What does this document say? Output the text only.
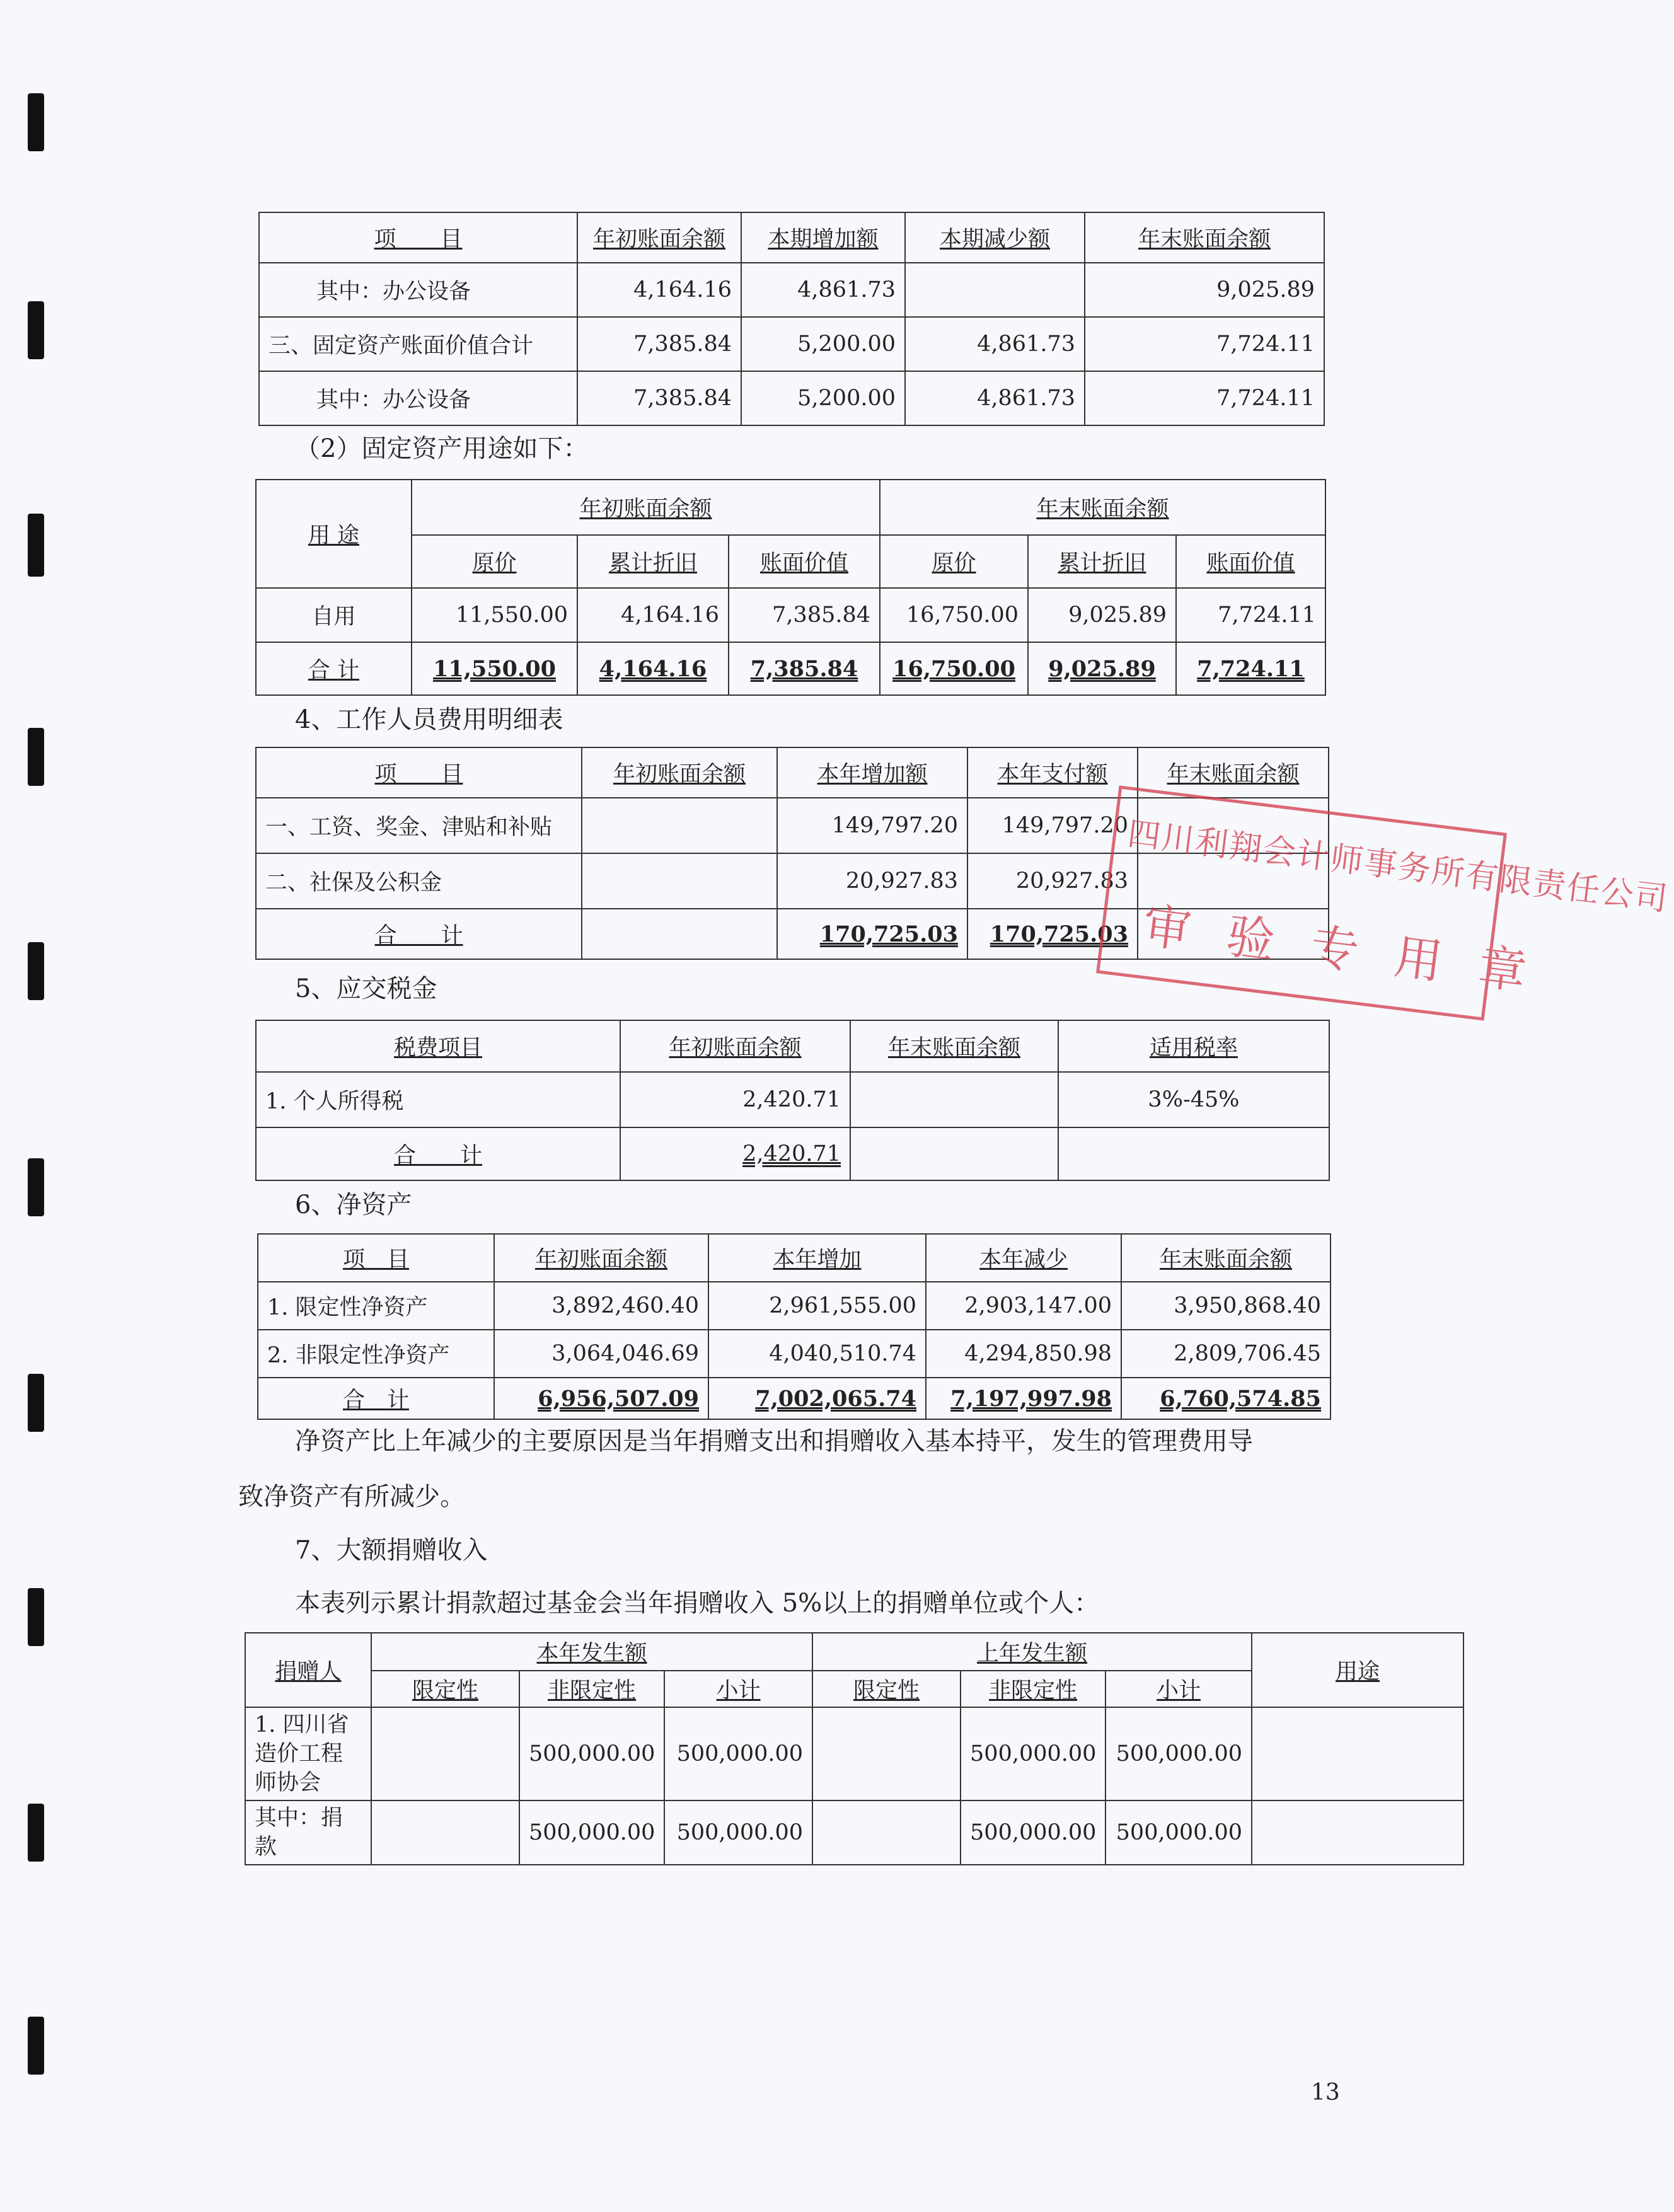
项　　目	年初账面余额	本期增加额	本期减少额	年末账面余额
其中：办公设备	4,164.16	4,861.73		9,025.89
三、固定资产账面价值合计	7,385.84	5,200.00	4,861.73	7,724.11
其中：办公设备	7,385.84	5,200.00	4,861.73	7,724.11
（2）固定资产用途如下：
用 途	年初账面余额			年末账面余额		
	原价	累计折旧	账面价值	原价	累计折旧	账面价值
自用	11,550.00	4,164.16	7,385.84	16,750.00	9,025.89	7,724.11
合 计	11,550.00	4,164.16	7,385.84	16,750.00	9,025.89	7,724.11
4、工作人员费用明细表
项　　目	年初账面余额	本年增加额	本年支付额	年末账面余额
一、工资、奖金、津贴和补贴		149,797.20	149,797.20	
二、社保及公积金		20,927.83	20,927.83	
合　　计		170,725.03	170,725.03	
5、应交税金
税费项目	年初账面余额	年末账面余额	适用税率
1. 个人所得税	2,420.71		3%-45%
合　　计	2,420.71		
6、净资产
项　目	年初账面余额	本年增加	本年减少	年末账面余额
1. 限定性净资产	3,892,460.40	2,961,555.00	2,903,147.00	3,950,868.40
2. 非限定性净资产	3,064,046.69	4,040,510.74	4,294,850.98	2,809,706.45
合　计	6,956,507.09	7,002,065.74	7,197,997.98	6,760,574.85
净资产比上年减少的主要原因是当年捐赠支出和捐赠收入基本持平，发生的管理费用导
致净资产有所减少。
7、大额捐赠收入
本表列示累计捐款超过基金会当年捐赠收入 5%以上的捐赠单位或个人：
捐赠人	本年发生额			上年发生额			用途
	限定性	非限定性	小计	限定性	非限定性	小计	
1. 四川省造价工程师协会		500,000.00	500,000.00		500,000.00	500,000.00	
其中：捐款		500,000.00	500,000.00		500,000.00	500,000.00	
四川利翔会计师事务所有限责任公司
审验专用章
13
